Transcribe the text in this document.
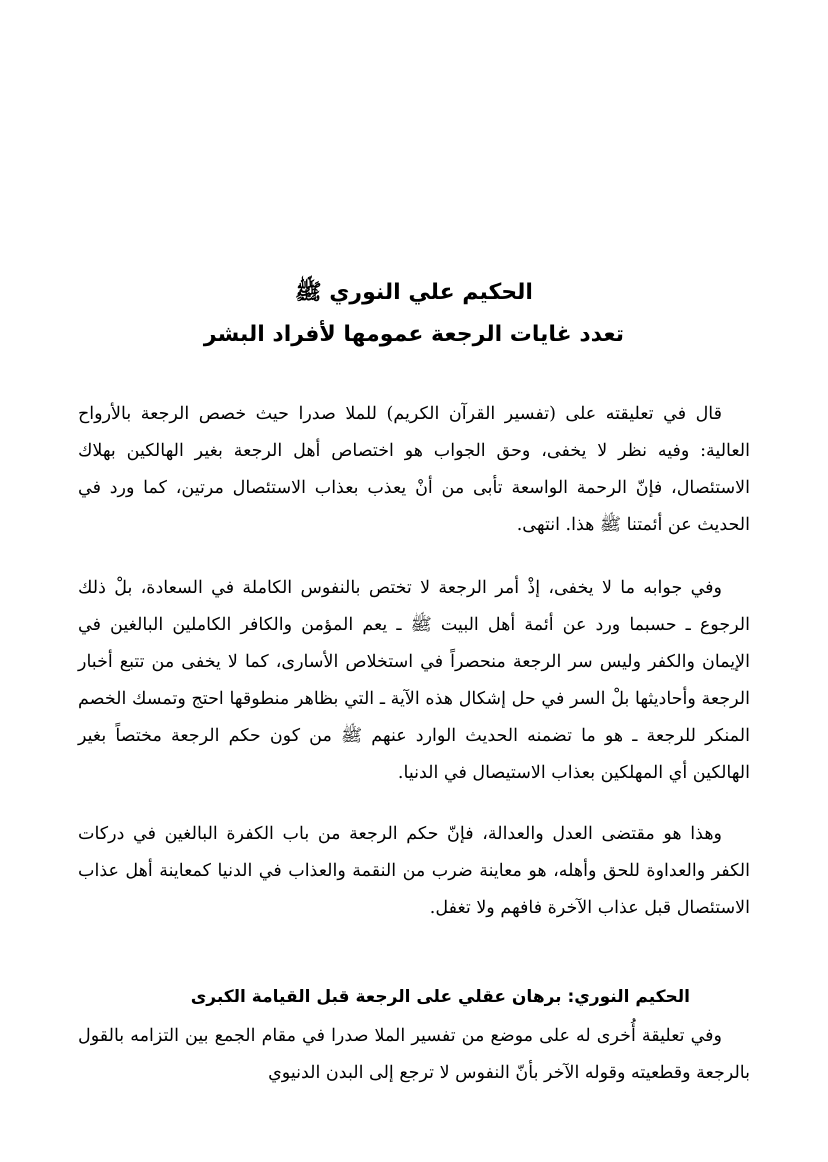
الحكيم علي النوري ﷺ
تعدد غايات الرجعة عمومها لأفراد البشر

قال في تعليقته على (تفسير القرآن الكريم) للملا صدرا حيث خصص الرجعة بالأرواح العالية: وفيه نظر لا يخفى، وحق الجواب هو اختصاص أهل الرجعة بغير الهالكين بهلاك الاستئصال، فإنّ الرحمة الواسعة تأبى من أنْ يعذب بعذاب الاستئصال مرتين، كما ورد في الحديث عن أئمتنا ﷺ هذا. انتهى.

وفي جوابه ما لا يخفى، إذْ أمر الرجعة لا تختص بالنفوس الكاملة في السعادة، بلْ ذلك الرجوع ـ حسبما ورد عن أئمة أهل البيت ﷺ ـ يعم المؤمن والكافر الكاملين البالغين في الإيمان والكفر وليس سر الرجعة منحصراً في استخلاص الأسارى، كما لا يخفى من تتبع أخبار الرجعة وأحاديثها بلْ السر في حل إشكال هذه الآية ـ التي بظاهر منطوقها احتج وتمسك الخصم المنكر للرجعة ـ هو ما تضمنه الحديث الوارد عنهم ﷺ من كون حكم الرجعة مختصاً بغير الهالكين أي المهلكين بعذاب الاستيصال في الدنيا.

وهذا هو مقتضى العدل والعدالة، فإنّ حكم الرجعة من باب الكفرة البالغين في دركات الكفر والعداوة للحق وأهله، هو معاينة ضرب من النقمة والعذاب في الدنيا كمعاينة أهل عذاب الاستئصال قبل عذاب الآخرة فافهم ولا تغفل.

الحكيم النوري: برهان عقلي على الرجعة قبل القيامة الكبرى

وفي تعليقة أُخرى له على موضع من تفسير الملا صدرا في مقام الجمع بين التزامه بالقول بالرجعة وقطعيته وقوله الآخر بأنّ النفوس لا ترجع إلى البدن الدنيوي
